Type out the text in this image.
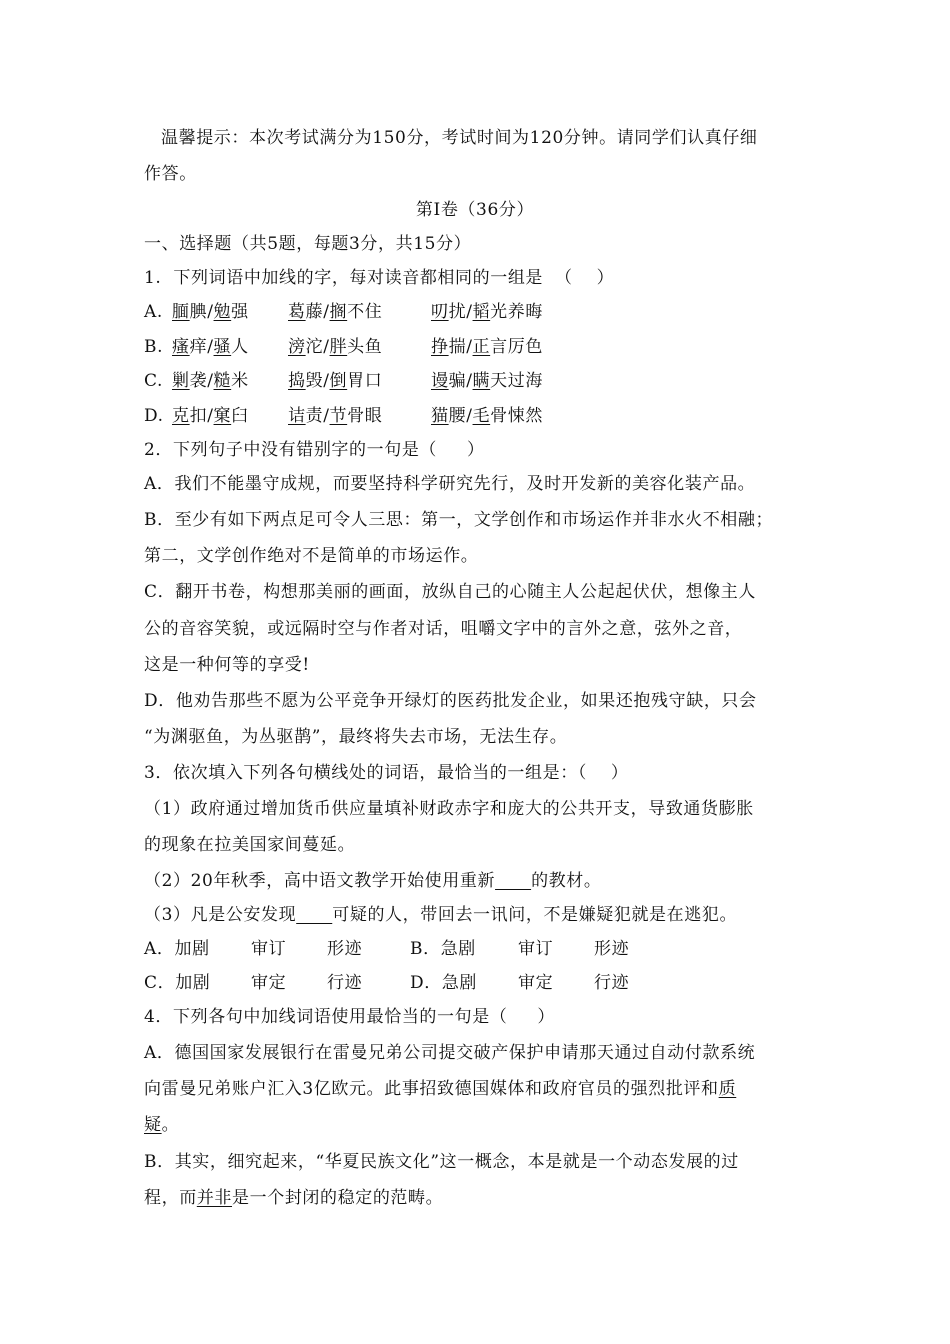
温馨提示：本次考试满分为150分，考试时间为120分钟。请同学们认真仔细
作答。
第Ⅰ卷（36分）
一、选择题（共5题，每题3分，共15分）
1.  下列词语中加线的字，每对读音都相同的一组是  （    ）
A. 腼腆/勉强 葛藤/搁不住	叨扰/韬光养晦
B. 瘙痒/骚人 滂沱/胖头鱼	挣揣/正言厉色
C. 剿袭/糙米 捣毁/倒胃口	谩骗/瞒天过海
D. 克扣/窠臼 诘责/节骨眼	猫腰/毛骨悚然
2．下列句子中没有错别字的一句是（     ）
A．我们不能墨守成规，而要坚持科学研究先行，及时开发新的美容化装产品。
B．至少有如下两点足可令人三思：第一，文学创作和市场运作并非水火不相融；
第二，文学创作绝对不是简单的市场运作。
C．翻开书卷，构想那美丽的画面，放纵自己的心随主人公起起伏伏，想像主人
公的音容笑貌，或远隔时空与作者对话，咀嚼文字中的言外之意，弦外之音，
这是一种何等的享受!
D．他劝告那些不愿为公平竞争开绿灯的医药批发企业，如果还抱残守缺，只会
“为渊驱鱼，为丛驱鹊”，最终将失去市场，无法生存。
3．依次填入下列各句横线处的词语，最恰当的一组是：（    ）
（1）政府通过增加货币供应量填补财政赤字和庞大的公共开支，导致通货膨胀
的现象在拉美国家间蔓延。
（2）20年秋季，高中语文教学开始使用重新 的教材。
（3）凡是公安发现 可疑的人，带回去一讯问，不是嫌疑犯就是在逃犯。
A．加剧 审订 形迹	B．急剧 审订 形迹
C．加剧 审定 行迹	D．急剧 审定 行迹
4．下列各句中加线词语使用最恰当的一句是（     ）
A．德国国家发展银行在雷曼兄弟公司提交破产保护申请那天通过自动付款系统
向雷曼兄弟账户汇入3亿欧元。此事招致德国媒体和政府官员的强烈批评和质
疑。
B．其实，细究起来，“华夏民族文化”这一概念，本是就是一个动态发展的过
程，而并非是一个封闭的稳定的范畴。
